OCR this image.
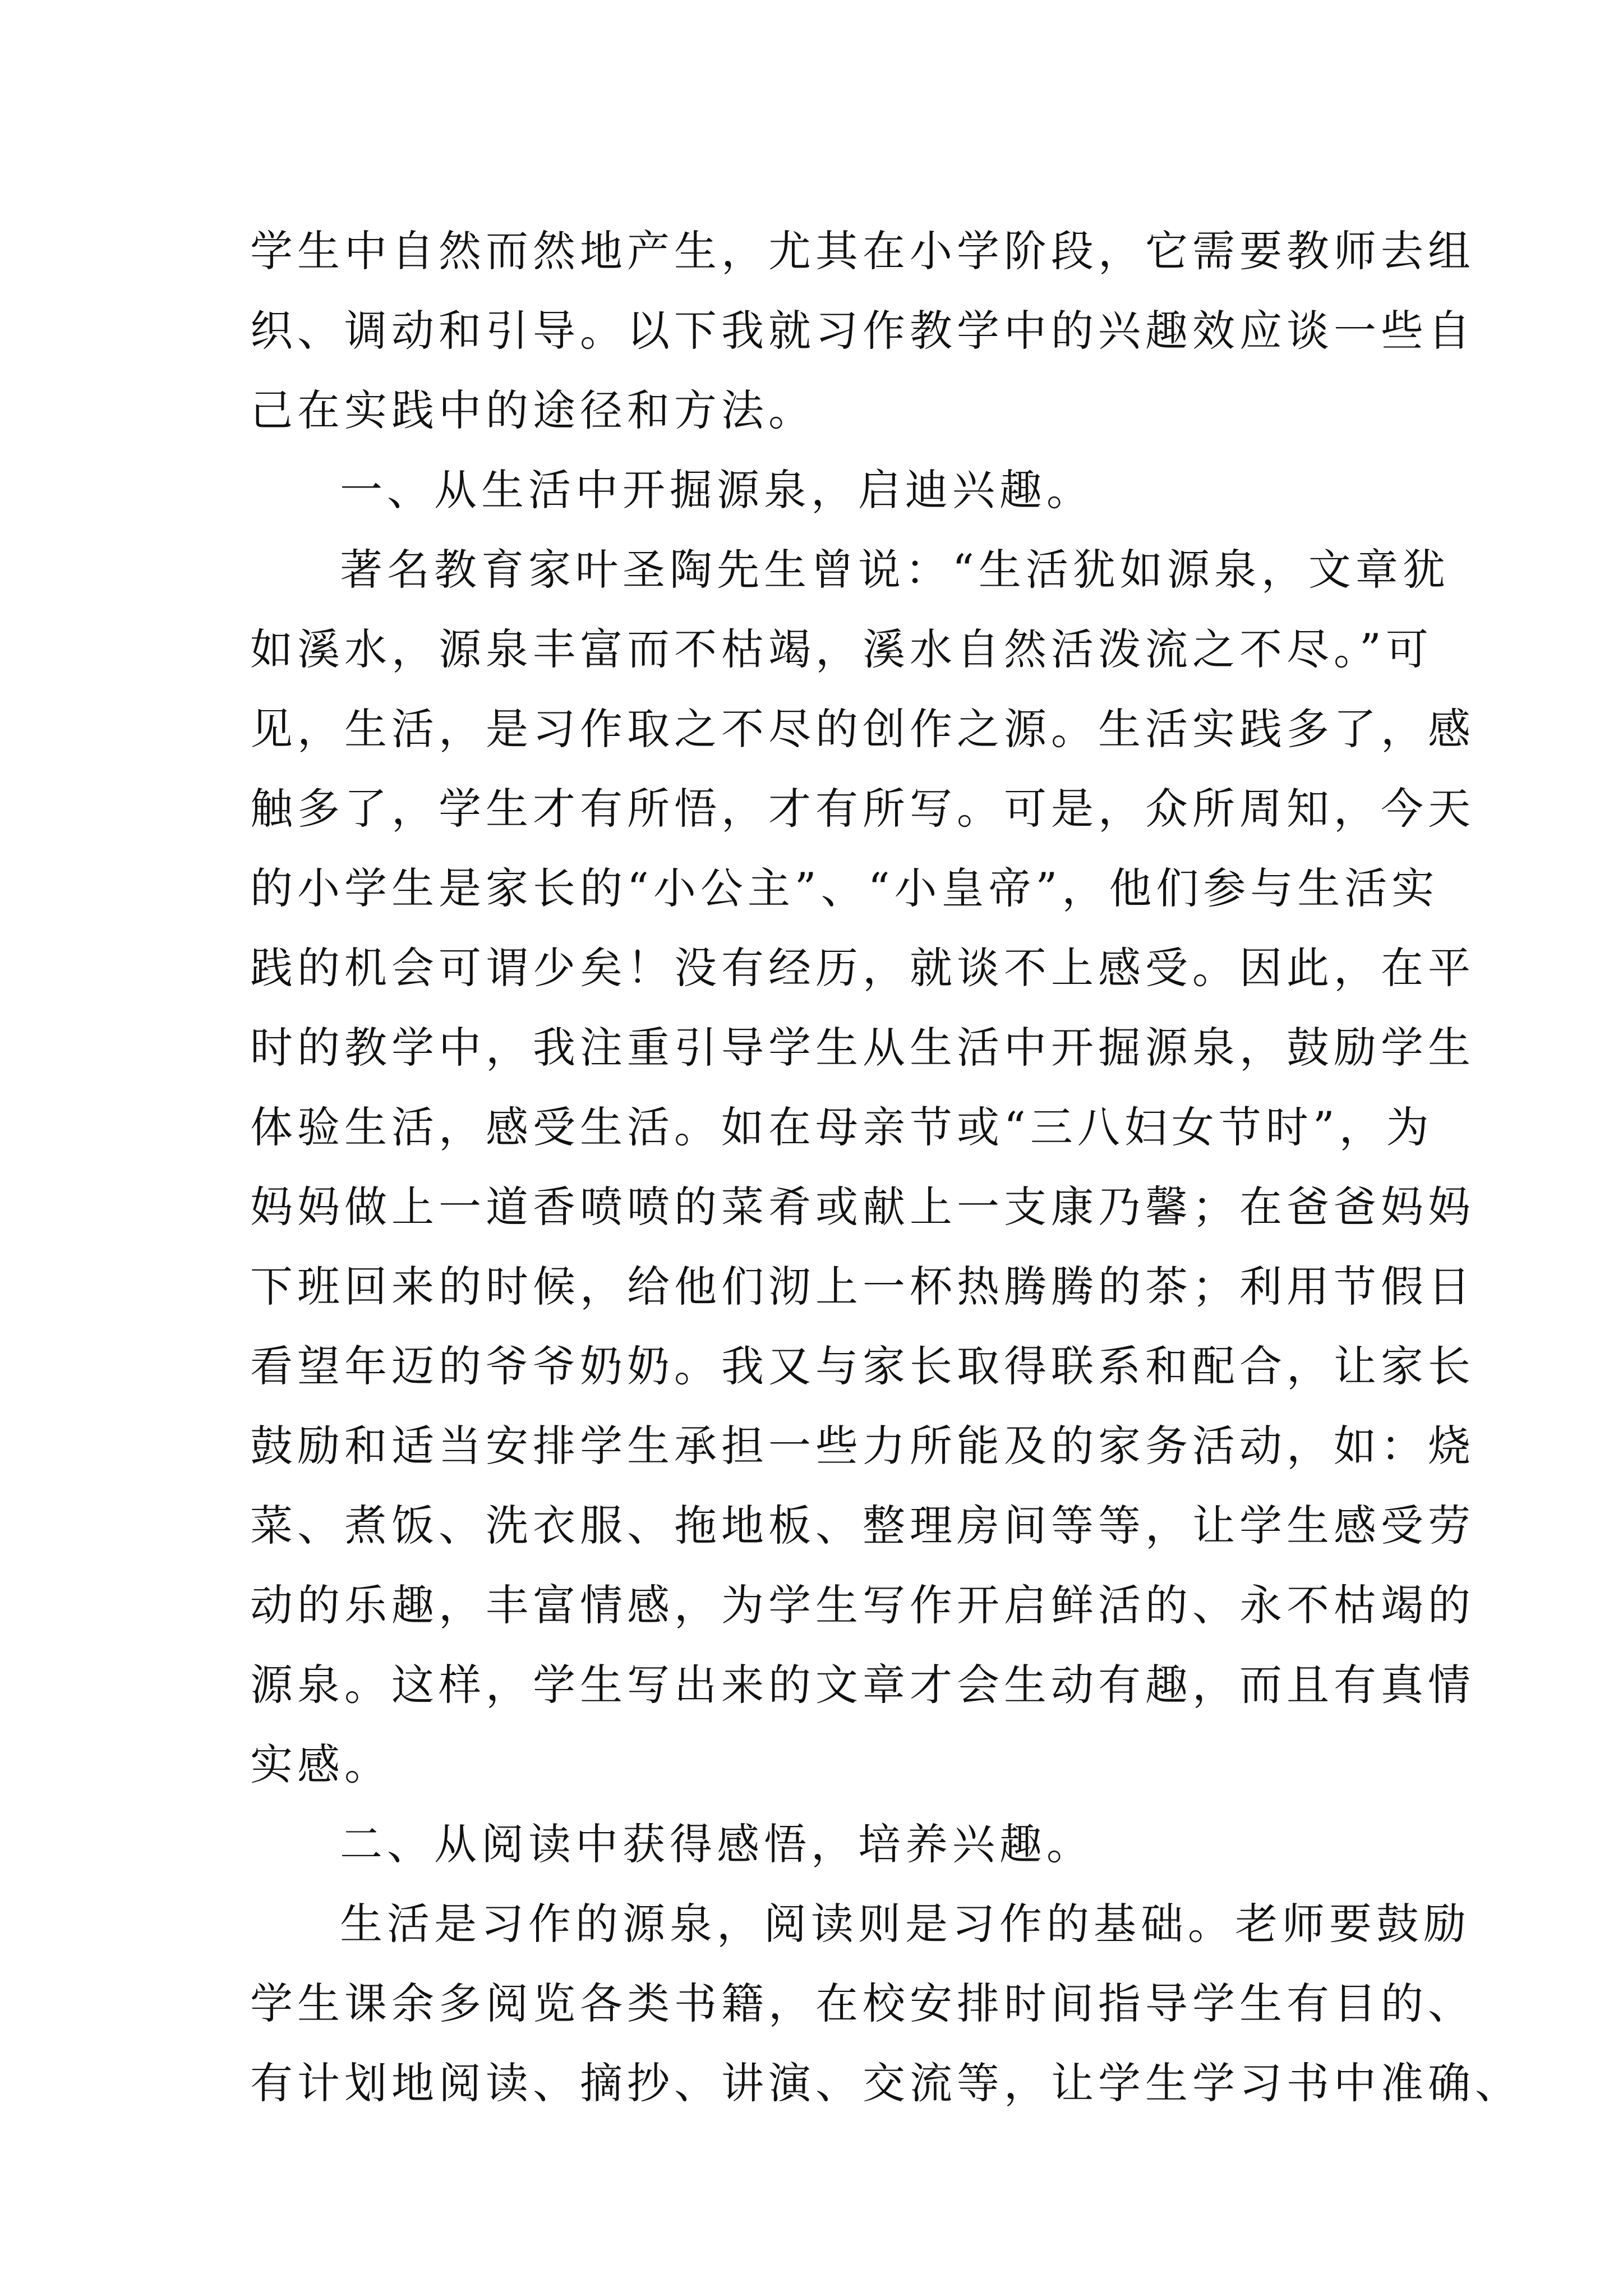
学生中自然而然地产生，尤其在小学阶段，它需要教师去组
织、调动和引导。以下我就习作教学中的兴趣效应谈一些自
己在实践中的途径和方法。
一、从生活中开掘源泉，启迪兴趣。
著名教育家叶圣陶先生曾说：“生活犹如源泉，文章犹
如溪水，源泉丰富而不枯竭，溪水自然活泼流之不尽。”可
见，生活，是习作取之不尽的创作之源。生活实践多了，感
触多了，学生才有所悟，才有所写。可是，众所周知，今天
的小学生是家长的“小公主”、“小皇帝”，他们参与生活实
践的机会可谓少矣！没有经历，就谈不上感受。因此，在平
时的教学中，我注重引导学生从生活中开掘源泉，鼓励学生
体验生活，感受生活。如在母亲节或“三八妇女节时”，为
妈妈做上一道香喷喷的菜肴或献上一支康乃馨；在爸爸妈妈
下班回来的时候，给他们沏上一杯热腾腾的茶；利用节假日
看望年迈的爷爷奶奶。我又与家长取得联系和配合，让家长
鼓励和适当安排学生承担一些力所能及的家务活动，如：烧
菜、煮饭、洗衣服、拖地板、整理房间等等，让学生感受劳
动的乐趣，丰富情感，为学生写作开启鲜活的、永不枯竭的
源泉。这样，学生写出来的文章才会生动有趣，而且有真情
实感。
二、从阅读中获得感悟，培养兴趣。
生活是习作的源泉，阅读则是习作的基础。老师要鼓励
学生课余多阅览各类书籍，在校安排时间指导学生有目的、
有计划地阅读、摘抄、讲演、交流等，让学生学习书中准确、
